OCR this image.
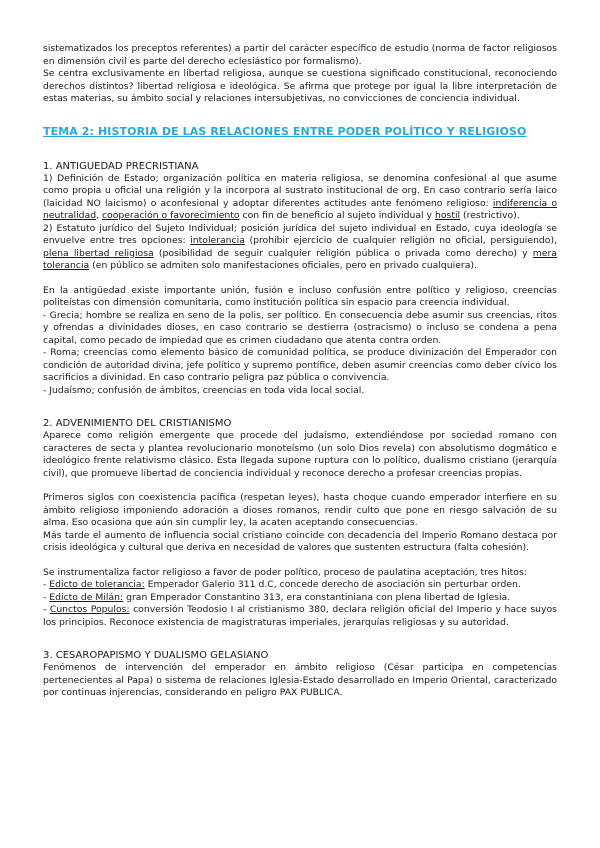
sistematizados los preceptos referentes) a partir del carácter específico de estudio (norma de factor religiosos en dimensión civil es parte del derecho eclesiástico por formalismo).

Se centra exclusivamente en libertad religiosa, aunque se cuestiona significado constitucional, reconociendo derechos distintos? libertad religiosa e ideológica. Se afirma que protege por igual la libre interpretación de estas materias, su ámbito social y relaciones intersubjetivas, no convicciones de conciencia individual.

TEMA 2: HISTORIA DE LAS RELACIONES ENTRE PODER POLÍTICO Y RELIGIOSO
1. ANTIGUEDAD PRECRISTIANA

1) Definición de Estado; organización política en materia religiosa, se denomina confesional al que asume como propia u oficial una religión y la incorpora al sustrato institucional de org. En caso contrario sería laico (laicidad NO laicismo) o aconfesional y adoptar diferentes actitudes ante fenómeno religioso: indiferencia o neutralidad, cooperación o favorecimiento con fin de beneficio al sujeto individual y hostil (restrictivo).

2) Estatuto jurídico del Sujeto Individual; posición jurídica del sujeto individual en Estado, cuya ideología se envuelve entre tres opciones: intolerancia (prohibir ejercicio de cualquier religión no oficial, persiguiendo), plena libertad religiosa (posibilidad de seguir cualquier religión pública o privada como derecho) y mera tolerancia (en público se admiten solo manifestaciones oficiales, pero en privado cualquiera).

En la antigüedad existe importante unión, fusión e incluso confusión entre político y religioso, creencias politeístas con dimensión comunitaria, como institución política sin espacio para creencia individual.

- Grecia; hombre se realiza en seno de la polis, ser político. En consecuencia debe asumir sus creencias, ritos y ofrendas a divinidades dioses, en caso contrario se destierra (ostracismo) o incluso se condena a pena capital, como pecado de impiedad que es crimen ciudadano que atenta contra orden.

- Roma; creencias como elemento básico de comunidad política, se produce divinización del Emperador con condición de autoridad divina, jefe político y supremo pontífice, deben asumir creencias como deber cívico los sacrificios a divinidad. En caso contrario peligra paz pública o convivencia.

- Judaísmo; confusión de ámbitos, creencias en toda vida local social.

2. ADVENIMIENTO DEL CRISTIANISMO

Aparece como religión emergente que procede del judaísmo, extendiéndose por sociedad romano con caracteres de secta y plantea revolucionario monoteísmo (un solo Dios revela) con absolutismo dogmático e ideológico frente relativismo clásico. Esta llegada supone ruptura con lo político, dualismo cristiano (jerarquía civil), que promueve libertad de conciencia individual y reconoce derecho a profesar creencias propias.

Primeros siglos con coexistencia pacífica (respetan leyes), hasta choque cuando emperador interfiere en su ámbito religioso imponiendo adoración a dioses romanos, rendir culto que pone en riesgo salvación de su alma. Eso ocasiona que aún sin cumplir ley, la acaten aceptando consecuencias.

Más tarde el aumento de influencia social cristiano coincide con decadencia del Imperio Romano destaca por crisis ideológica y cultural que deriva en necesidad de valores que sustenten estructura (falta cohesión).

Se instrumentaliza factor religioso a favor de poder político, proceso de paulatina aceptación, tres hitos:

- Edicto de tolerancia: Emperador Galerio 311 d.C, concede derecho de asociación sin perturbar orden.

- Edicto de Milán: gran Emperador Constantino 313, era constantiniana con plena libertad de Iglesia.

- Cunctos Populos: conversión Teodosio I al cristianismo 380, declara religión oficial del Imperio y hace suyos los principios. Reconoce existencia de magistraturas imperiales, jerarquías religiosas y su autoridad.

3. CESAROPAPISMO Y DUALISMO GELASIANO

Fenómenos de intervención del emperador en ámbito religioso (César participa en competencias pertenecientes al Papa) o sistema de relaciones Iglesia-Estado desarrollado en Imperio Oriental, caracterizado por continuas injerencias, considerando en peligro PAX PUBLICA.
